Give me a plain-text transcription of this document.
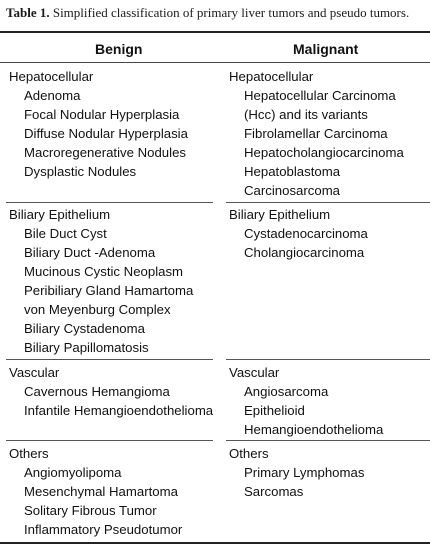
Table 1. Simplified classification of primary liver tumors and pseudo tumors.
Benign	Malignant
Hepatocellular
Adenoma
Focal Nodular Hyperplasia
Diffuse Nodular Hyperplasia
Macroregenerative Nodules
Dysplastic Nodules
Hepatocellular
Hepatocellular Carcinoma
(Hcc) and its variants
Fibrolamellar Carcinoma
Hepatocholangiocarcinoma
Hepatoblastoma
Carcinosarcoma
Biliary Epithelium
Bile Duct Cyst
Biliary Duct -Adenoma
Mucinous Cystic Neoplasm
Peribiliary Gland Hamartoma
von Meyenburg Complex
Biliary Cystadenoma
Biliary Papillomatosis
Biliary Epithelium
Cystadenocarcinoma
Cholangiocarcinoma
Vascular
Cavernous Hemangioma
Infantile Hemangioendothelioma
Vascular
Angiosarcoma
Epithelioid
Hemangioendothelioma
Others
Angiomyolipoma
Mesenchymal Hamartoma
Solitary Fibrous Tumor
Inflammatory Pseudotumor
Others
Primary Lymphomas
Sarcomas
